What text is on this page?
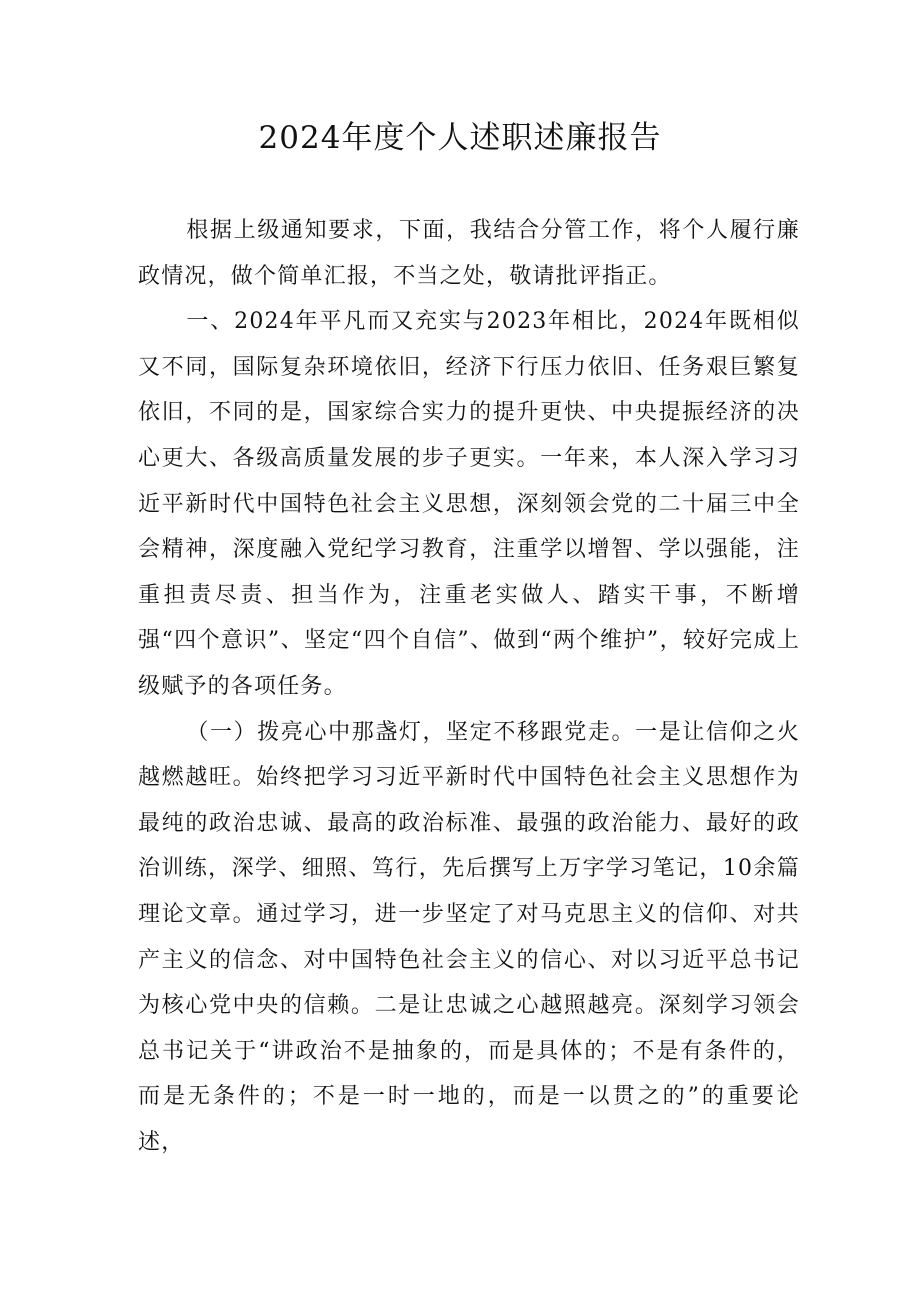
2024年度个人述职述廉报告

根据上级通知要求，下面，我结合分管工作，将个人履行廉政情况，做个简单汇报，不当之处，敬请批评指正。

一、2024年平凡而又充实与2023年相比，2024年既相似又不同，国际复杂环境依旧，经济下行压力依旧、任务艰巨繁复依旧，不同的是，国家综合实力的提升更快、中央提振经济的决心更大、各级高质量发展的步子更实。一年来，本人深入学习习近平新时代中国特色社会主义思想，深刻领会党的二十届三中全会精神，深度融入党纪学习教育，注重学以增智、学以强能，注重担责尽责、担当作为，注重老实做人、踏实干事，不断增强“四个意识”、坚定“四个自信”、做到“两个维护”，较好完成上级赋予的各项任务。

（一）拨亮心中那盏灯，坚定不移跟党走。一是让信仰之火越燃越旺。始终把学习习近平新时代中国特色社会主义思想作为最纯的政治忠诚、最高的政治标准、最强的政治能力、最好的政治训练，深学、细照、笃行，先后撰写上万字学习笔记，10余篇理论文章。通过学习，进一步坚定了对马克思主义的信仰、对共产主义的信念、对中国特色社会主义的信心、对以习近平总书记为核心党中央的信赖。二是让忠诚之心越照越亮。深刻学习领会总书记关于“讲政治不是抽象的，而是具体的；不是有条件的，而是无条件的；不是一时一地的，而是一以贯之的”的重要论述，
